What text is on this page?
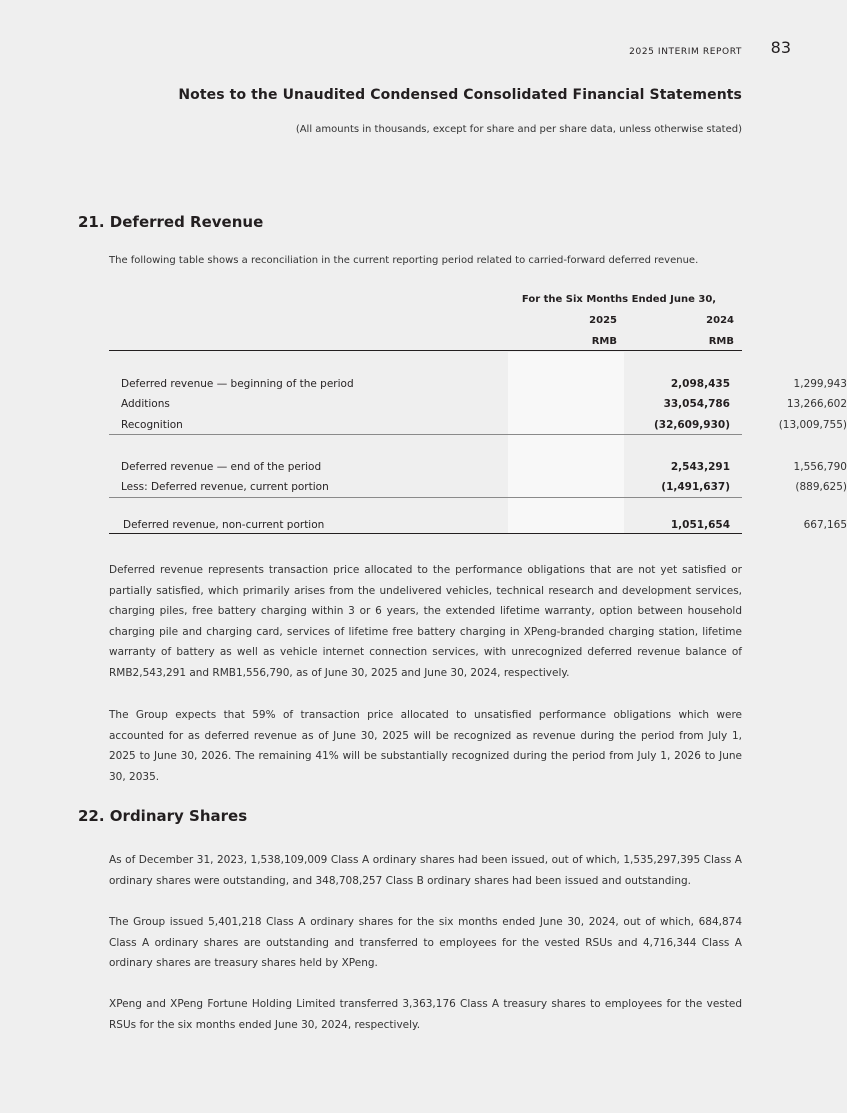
2025 INTERIM REPORT	83
Notes to the Unaudited Condensed Consolidated Financial Statements
(All amounts in thousands, except for share and per share data, unless otherwise stated)
21. Deferred Revenue
The following table shows a reconciliation in the current reporting period related to carried-forward deferred revenue.
For the Six Months Ended June 30,
2025	2024
RMB	RMB
Deferred revenue — beginning of the period	2,098,435	1,299,943
Additions	33,054,786	13,266,602
Recognition	(32,609,930)	(13,009,755)
Deferred revenue — end of the period	2,543,291	1,556,790
Less: Deferred revenue, current portion	(1,491,637)	(889,625)
Deferred revenue, non-current portion	1,051,654	667,165
Deferred revenue represents transaction price allocated to the performance obligations that are not yet satisfied or partially satisfied, which primarily arises from the undelivered vehicles, technical research and development services, charging piles, free battery charging within 3 or 6 years, the extended lifetime warranty, option between household charging pile and charging card, services of lifetime free battery charging in XPeng-branded charging station, lifetime warranty of battery as well as vehicle internet connection services, with unrecognized deferred revenue balance of RMB2,543,291 and RMB1,556,790, as of June 30, 2025 and June 30, 2024, respectively.
The Group expects that 59% of transaction price allocated to unsatisfied performance obligations which were accounted for as deferred revenue as of June 30, 2025 will be recognized as revenue during the period from July 1, 2025 to June 30, 2026. The remaining 41% will be substantially recognized during the period from July 1, 2026 to June 30, 2035.
22. Ordinary Shares
As of December 31, 2023, 1,538,109,009 Class A ordinary shares had been issued, out of which, 1,535,297,395 Class A ordinary shares were outstanding, and 348,708,257 Class B ordinary shares had been issued and outstanding.
The Group issued 5,401,218 Class A ordinary shares for the six months ended June 30, 2024, out of which, 684,874 Class A ordinary shares are outstanding and transferred to employees for the vested RSUs and 4,716,344 Class A ordinary shares are treasury shares held by XPeng.
XPeng and XPeng Fortune Holding Limited transferred 3,363,176 Class A treasury shares to employees for the vested RSUs for the six months ended June 30, 2024, respectively.
